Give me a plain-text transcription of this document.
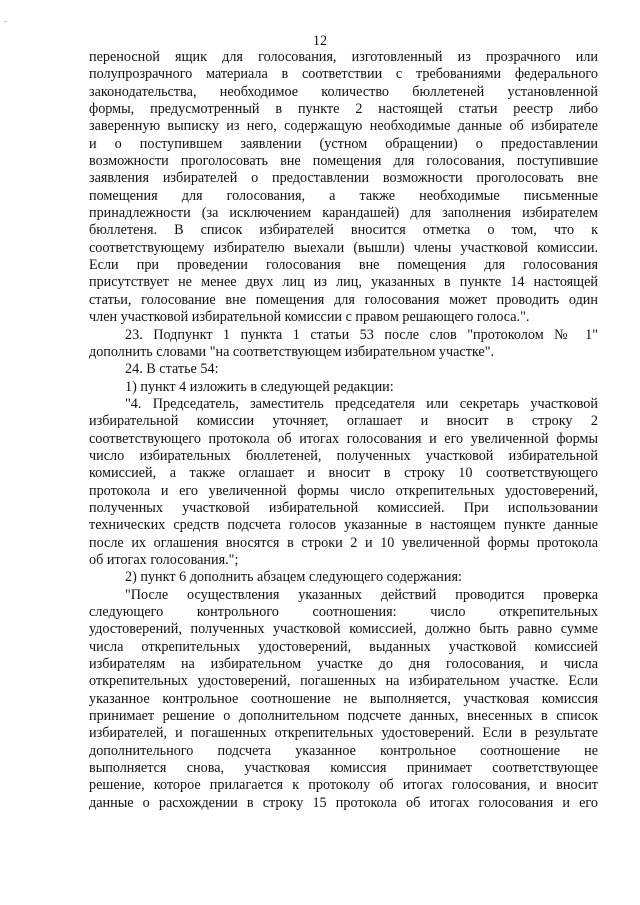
⌐
12
переносной ящик для голосования, изготовленный из прозрачного или
полупрозрачного материала в соответствии с требованиями федерального
законодательства, необходимое количество бюллетеней установленной
формы, предусмотренный в пункте 2 настоящей статьи реестр либо
заверенную выписку из него, содержащую необходимые данные об избирателе
и о поступившем заявлении (устном обращении) о предоставлении
возможности проголосовать вне помещения для голосования, поступившие
заявления избирателей о предоставлении возможности проголосовать вне
помещения для голосования, а также необходимые письменные
принадлежности (за исключением карандашей) для заполнения избирателем
бюллетеня. В список избирателей вносится отметка о том, что к
соответствующему избирателю выехали (вышли) члены участковой комиссии.
Если при проведении голосования вне помещения для голосования
присутствует не менее двух лиц из лиц, указанных в пункте 14 настоящей
статьи, голосование вне помещения для голосования может проводить один
член участковой избирательной комиссии с правом решающего голоса.".
23. Подпункт 1 пункта 1 статьи 53 после слов "протоколом № 1"
дополнить словами "на соответствующем избирательном участке".
24. В статье 54:
1) пункт 4 изложить в следующей редакции:
"4. Председатель, заместитель председателя или секретарь участковой
избирательной комиссии уточняет, оглашает и вносит в строку 2
соответствующего протокола об итогах голосования и его увеличенной формы
число избирательных бюллетеней, полученных участковой избирательной
комиссией, а также оглашает и вносит в строку 10 соответствующего
протокола и его увеличенной формы число открепительных удостоверений,
полученных участковой избирательной комиссией. При использовании
технических средств подсчета голосов указанные в настоящем пункте данные
после их оглашения вносятся в строки 2 и 10 увеличенной формы протокола
об итогах голосования.";
2) пункт 6 дополнить абзацем следующего содержания:
"После осуществления указанных действий проводится проверка
следующего контрольного соотношения: число открепительных
удостоверений, полученных участковой комиссией, должно быть равно сумме
числа открепительных удостоверений, выданных участковой комиссией
избирателям на избирательном участке до дня голосования, и числа
открепительных удостоверений, погашенных на избирательном участке. Если
указанное контрольное соотношение не выполняется, участковая комиссия
принимает решение о дополнительном подсчете данных, внесенных в список
избирателей, и погашенных открепительных удостоверений. Если в результате
дополнительного подсчета указанное контрольное соотношение не
выполняется снова, участковая комиссия принимает соответствующее
решение, которое прилагается к протоколу об итогах голосования, и вносит
данные о расхождении в строку 15 протокола об итогах голосования и его
